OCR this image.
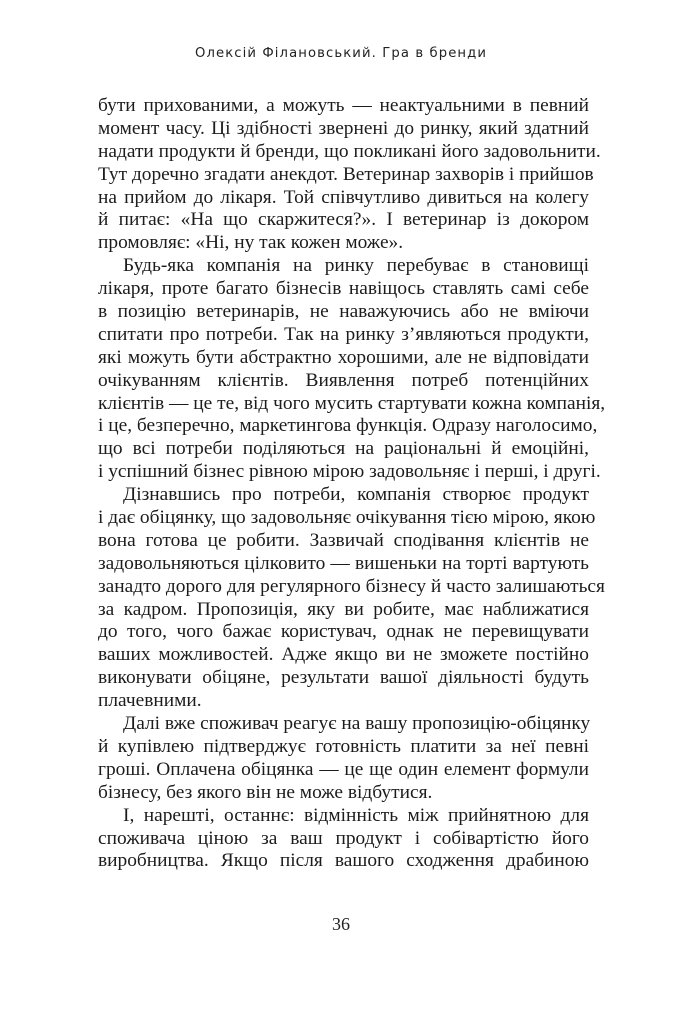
Олексій Філановський. Гра в бренди
бути прихованими, а можуть — неактуальними в певний
момент часу. Ці здібності звернені до ринку, який здатний
надати продукти й бренди, що покликані його задовольнити.
Тут доречно згадати анекдот. Ветеринар захворів і прийшов
на прийом до лікаря. Той співчутливо дивиться на колегу
й питає: «На що скаржитеся?». І ветеринар із докором
промовляє: «Ні, ну так кожен може».
Будь-яка компанія на ринку перебуває в становищі
лікаря, проте багато бізнесів навіщось ставлять самі себе
в позицію ветеринарів, не наважуючись або не вміючи
спитати про потреби. Так на ринку з’являються продукти,
які можуть бути абстрактно хорошими, але не відповідати
очікуванням клієнтів. Виявлення потреб потенційних
клієнтів — це те, від чого мусить стартувати кожна компанія,
і це, безперечно, маркетингова функція. Одразу наголосимо,
що всі потреби поділяються на раціональні й емоційні,
і успішний бізнес рівною мірою задовольняє і перші, і другі.
Дізнавшись про потреби, компанія створює продукт
і дає обіцянку, що задовольняє очікування тією мірою, якою
вона готова це робити. Зазвичай сподівання клієнтів не
задовольняються цілковито — вишеньки на торті вартують
занадто дорого для регулярного бізнесу й часто залишаються
за кадром. Пропозиція, яку ви робите, має наближатися
до того, чого бажає користувач, однак не перевищувати
ваших можливостей. Адже якщо ви не зможете постійно
виконувати обіцяне, результати вашої діяльності будуть
плачевними.
Далі вже споживач реагує на вашу пропозицію-обіцянку
й купівлею підтверджує готовність платити за неї певні
гроші. Оплачена обіцянка — це ще один елемент формули
бізнесу, без якого він не може відбутися.
І, нарешті, останнє: відмінність між прийнятною для
споживача ціною за ваш продукт і собівартістю його
виробництва. Якщо після вашого сходження драбиною
36
